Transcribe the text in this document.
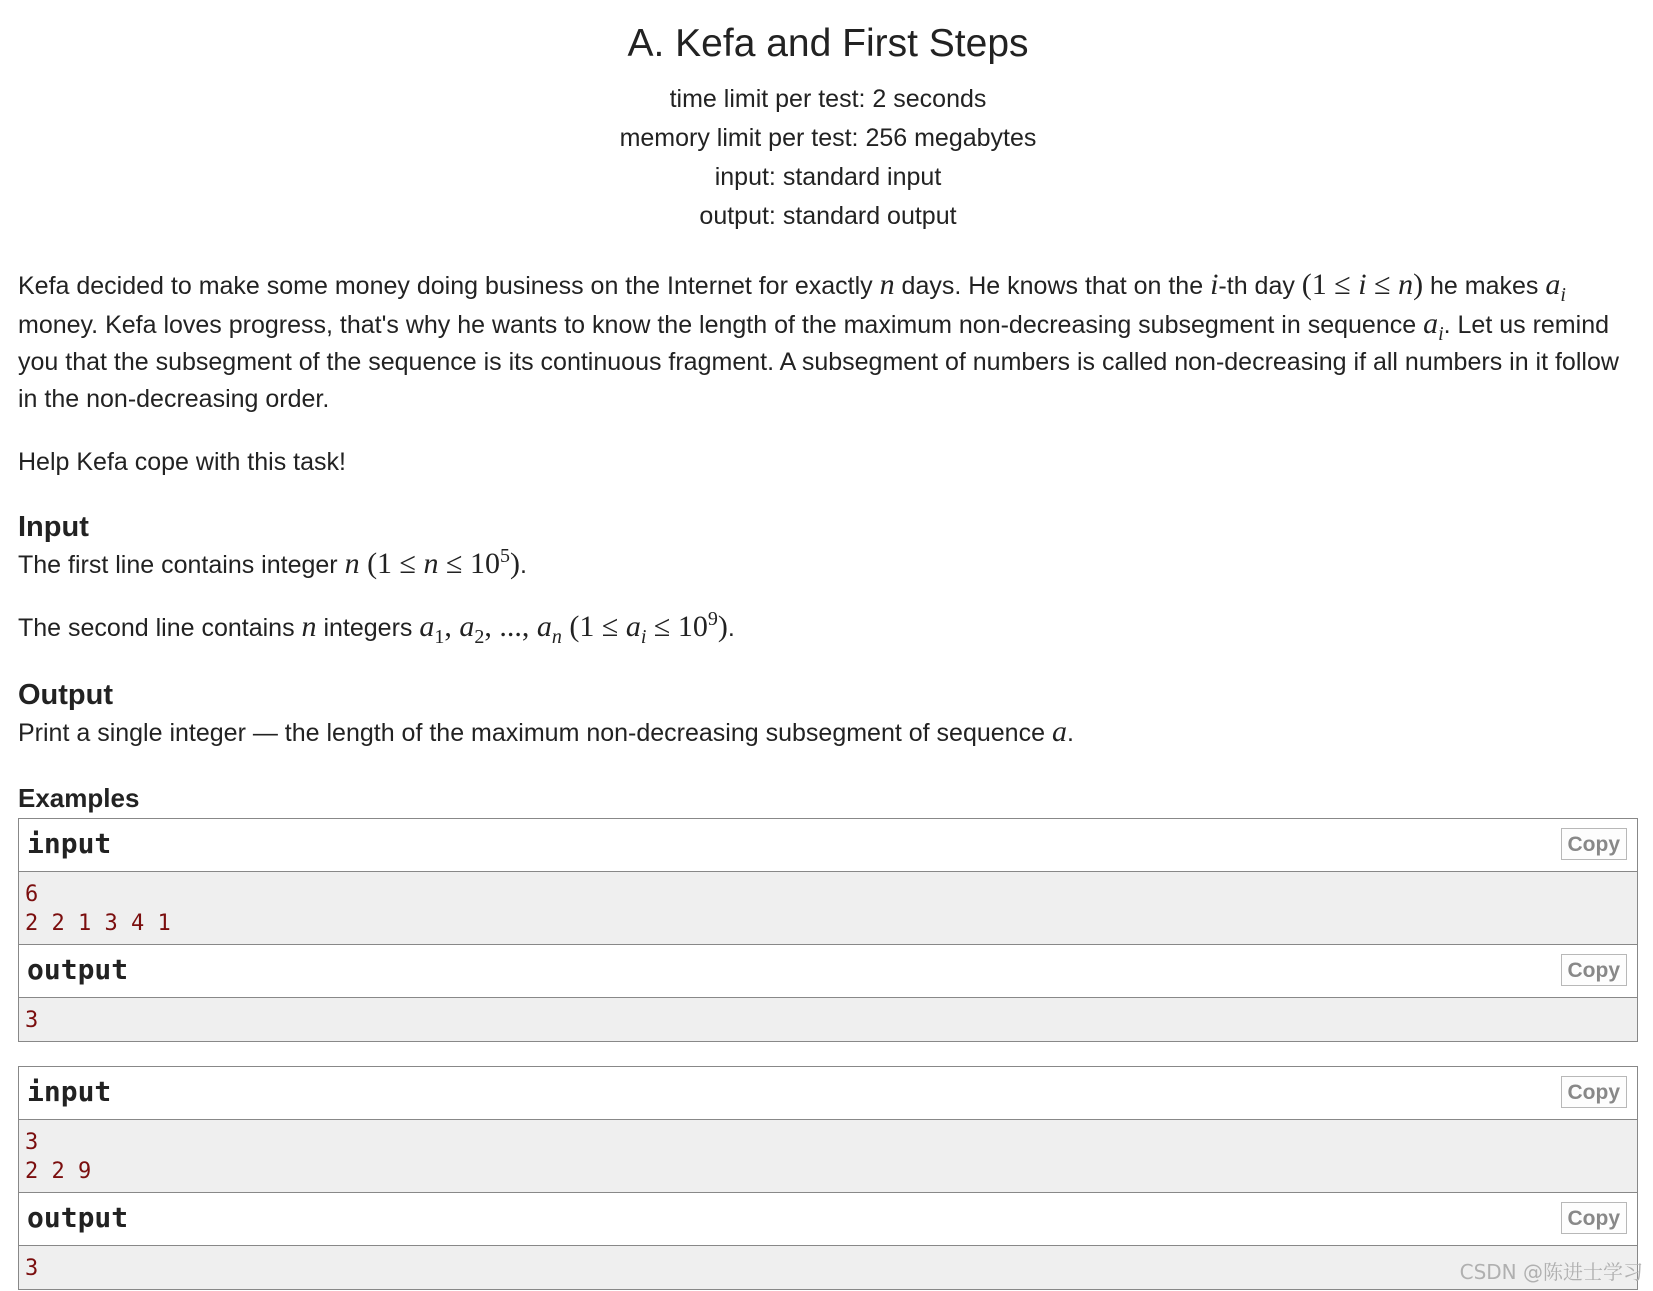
A. Kefa and First Steps
time limit per test: 2 seconds
memory limit per test: 256 megabytes
input: standard input
output: standard output

Kefa decided to make some money doing business on the Internet for exactly n days. He knows that on the i-th day (1 ≤ i ≤ n) he makes $a_i$ money. Kefa loves progress, that's why he wants to know the length of the maximum non-decreasing subsegment in sequence $a_i$. Let us remind you that the subsegment of the sequence is its continuous fragment. A subsegment of numbers is called non-decreasing if all numbers in it follow in the non-decreasing order.

Help Kefa cope with this task!

Input

The first line contains integer n $(1 \le n \le 10^5)$.

The second line contains n integers $a_1$, $a_2$, ..., $a_n$ $(1 \le a_i \le 10^9)$.

Output

Print a single integer — the length of the maximum non-decreasing subsegment of sequence a.

Examples
input	Copy
6
2 2 1 3 4 1
output	Copy
3
input	Copy
3
2 2 9
output	Copy
3	CSDN @陈进士学习
